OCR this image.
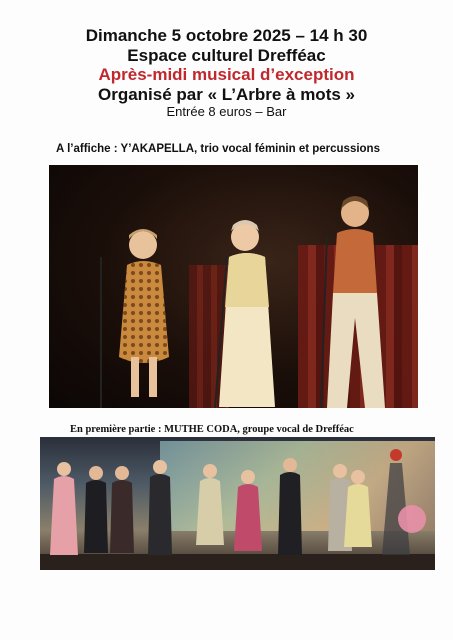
Dimanche 5 octobre 2025 – 14 h 30
Espace culturel Drefféac
Après-midi musical d’exception
Organisé par « L’Arbre à mots »
Entrée 8 euros – Bar
A l’affiche : Y’AKAPELLA, trio vocal féminin et percussions
En première partie : MUTHE CODA, groupe vocal de Drefféac
